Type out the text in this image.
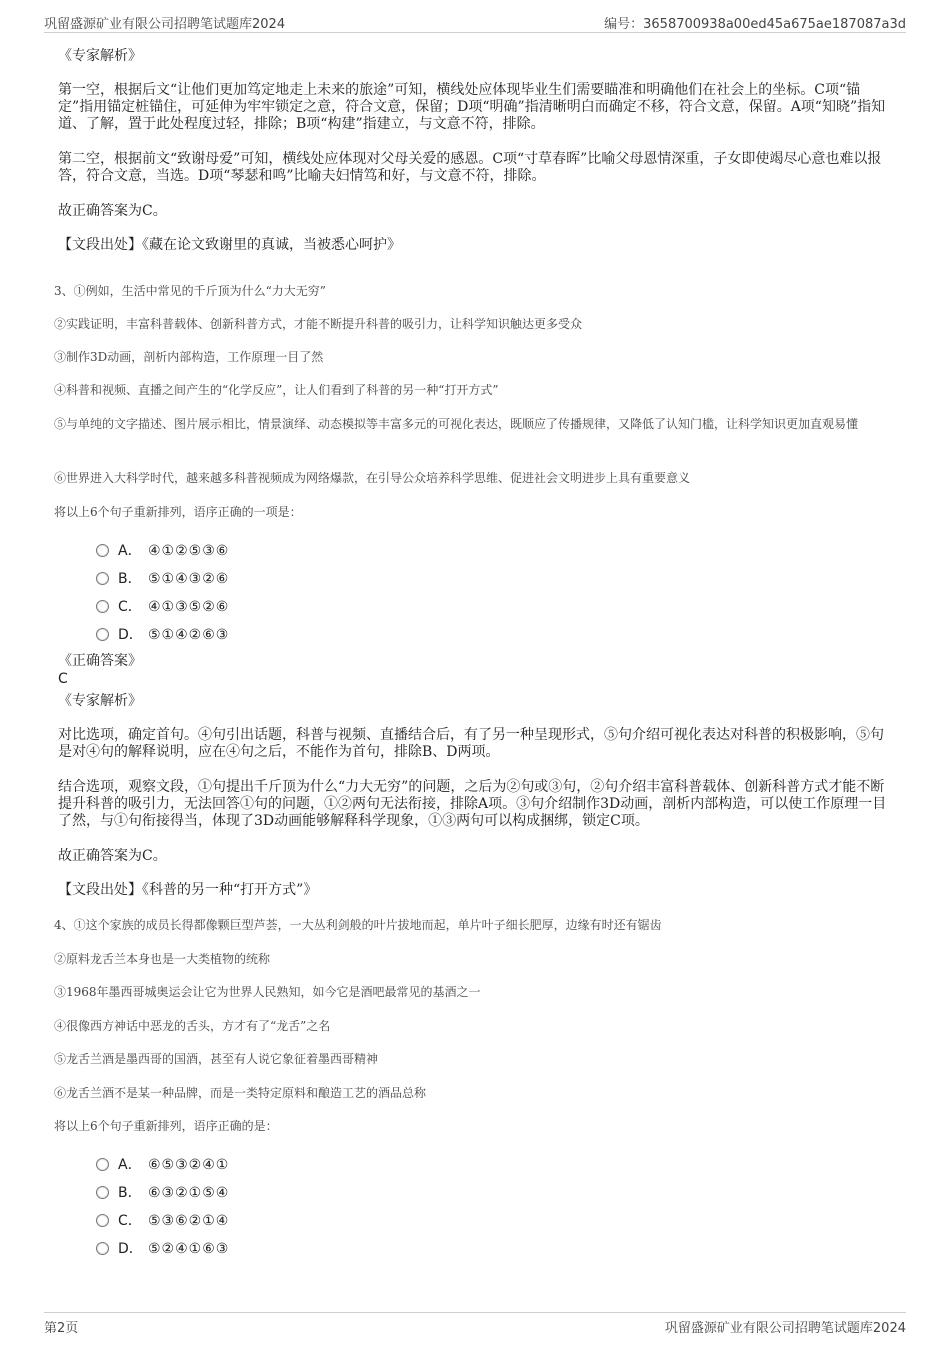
巩留盛源矿业有限公司招聘笔试题库2024	编号：3658700938a00ed45a675ae187087a3d
《专家解析》
第一空，根据后文“让他们更加笃定地走上未来的旅途”可知，横线处应体现毕业生们需要瞄准和明确他们在社会上的坐标。C项“锚定”指用锚定桩锚住，可延伸为牢牢锁定之意，符合文意，保留；D项“明确”指清晰明白而确定不移，符合文意，保留。A项“知晓”指知道、了解，置于此处程度过轻，排除；B项“构建”指建立，与文意不符，排除。
第二空，根据前文“致谢母爱”可知，横线处应体现对父母关爱的感恩。C项“寸草春晖”比喻父母恩情深重，子女即使竭尽心意也难以报答，符合文意，当选。D项“琴瑟和鸣”比喻夫妇情笃和好，与文意不符，排除。
故正确答案为C。
【文段出处】《藏在论文致谢里的真诚，当被悉心呵护》
3、①例如，生活中常见的千斤顶为什么“力大无穷”
②实践证明，丰富科普载体、创新科普方式，才能不断提升科普的吸引力，让科学知识触达更多受众
③制作3D动画，剖析内部构造，工作原理一目了然
④科普和视频、直播之间产生的“化学反应”，让人们看到了科普的另一种“打开方式”
⑤与单纯的文字描述、图片展示相比，情景演绎、动态模拟等丰富多元的可视化表达，既顺应了传播规律，又降低了认知门槛，让科学知识更加直观易懂
⑥世界进入大科学时代，越来越多科普视频成为网络爆款，在引导公众培养科学思维、促进社会文明进步上具有重要意义
将以上6个句子重新排列，语序正确的一项是：
A． ④①②⑤③⑥
B． ⑤①④③②⑥
C． ④①③⑤②⑥
D． ⑤①④②⑥③
《正确答案》
C
《专家解析》
对比选项，确定首句。④句引出话题，科普与视频、直播结合后，有了另一种呈现形式，⑤句介绍可视化表达对科普的积极影响，⑤句是对④句的解释说明，应在④句之后，不能作为首句，排除B、D两项。
结合选项，观察文段，①句提出千斤顶为什么“力大无穷”的问题，之后为②句或③句，②句介绍丰富科普载体、创新科普方式才能不断提升科普的吸引力，无法回答①句的问题，①②两句无法衔接，排除A项。③句介绍制作3D动画，剖析内部构造，可以使工作原理一目了然，与①句衔接得当，体现了3D动画能够解释科学现象，①③两句可以构成捆绑，锁定C项。
故正确答案为C。
【文段出处】《科普的另一种“打开方式”》
4、①这个家族的成员长得都像颗巨型芦荟，一大丛利剑般的叶片拔地而起，单片叶子细长肥厚，边缘有时还有锯齿
②原料龙舌兰本身也是一大类植物的统称
③1968年墨西哥城奥运会让它为世界人民熟知，如今它是酒吧最常见的基酒之一
④很像西方神话中恶龙的舌头，方才有了“龙舌”之名
⑤龙舌兰酒是墨西哥的国酒，甚至有人说它象征着墨西哥精神
⑥龙舌兰酒不是某一种品牌，而是一类特定原料和酿造工艺的酒品总称
将以上6个句子重新排列，语序正确的是：
A． ⑥⑤③②④①
B． ⑥③②①⑤④
C． ⑤③⑥②①④
D． ⑤②④①⑥③
第2页	巩留盛源矿业有限公司招聘笔试题库2024
